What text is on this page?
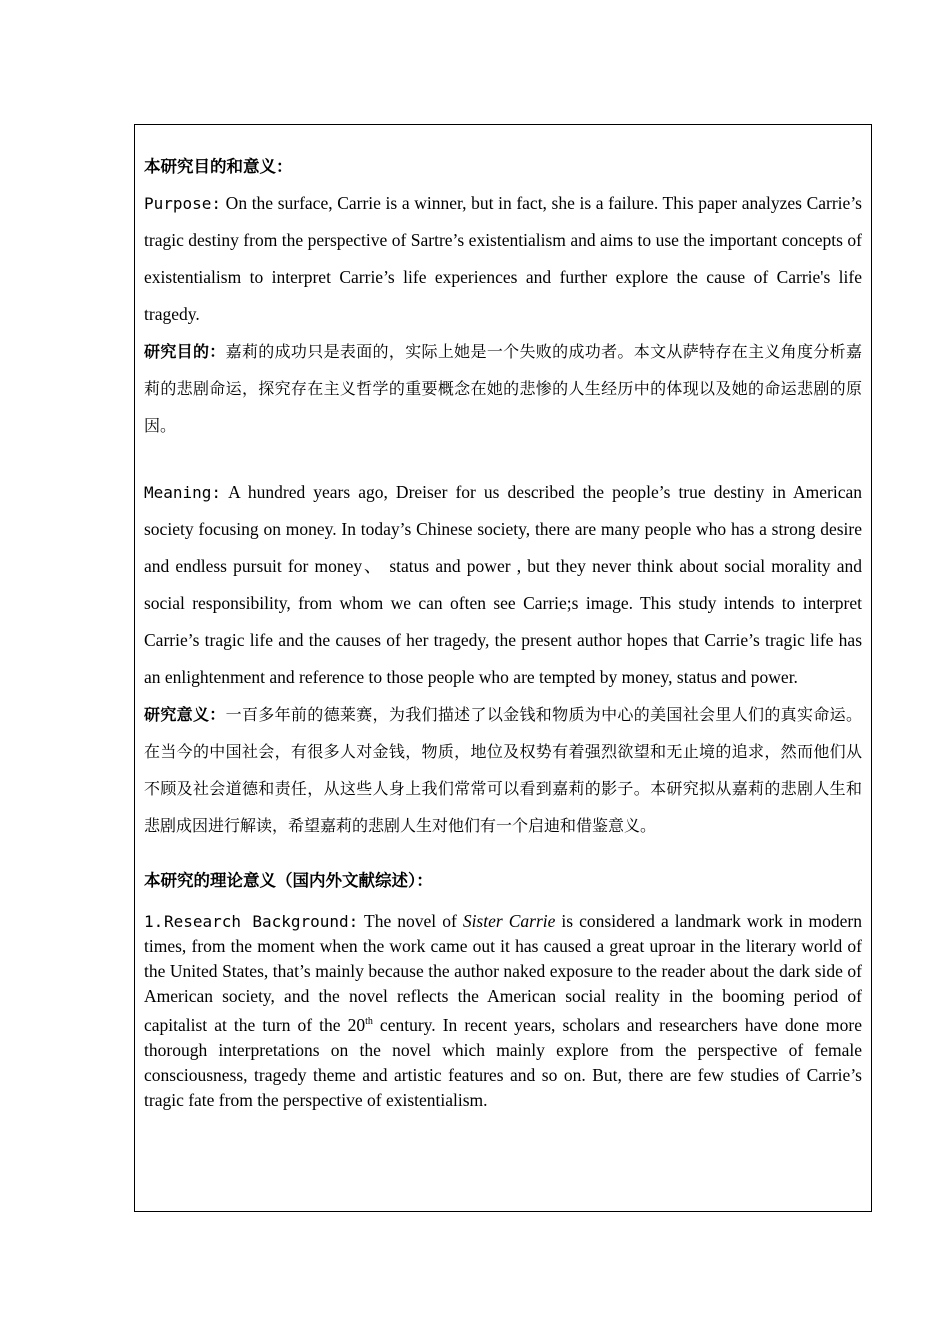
本研究目的和意义：

Purpose: On the surface, Carrie is a winner, but in fact, she is a failure. This paper analyzes Carrie’s tragic destiny from the perspective of Sartre’s existentialism and aims to use the important concepts of existentialism to interpret Carrie’s life experiences and further explore the cause of Carrie's life tragedy.

研究目的：嘉莉的成功只是表面的，实际上她是一个失败的成功者。本文从萨特存在主义角度分析嘉莉的悲剧命运，探究存在主义哲学的重要概念在她的悲惨的人生经历中的体现以及她的命运悲剧的原因。

Meaning: A hundred years ago, Dreiser for us described the people’s true destiny in American society focusing on money. In today’s Chinese society, there are many people who has a strong desire and endless pursuit for money、 status and power , but they never think about social morality and social responsibility, from whom we can often see Carrie;s image. This study intends to interpret Carrie’s tragic life and the causes of her tragedy, the present author hopes that Carrie’s tragic life has an enlightenment and reference to those people who are tempted by money, status and power.

研究意义：一百多年前的德莱赛，为我们描述了以金钱和物质为中心的美国社会里人们的真实命运。在当今的中国社会，有很多人对金钱，物质，地位及权势有着强烈欲望和无止境的追求，然而他们从不顾及社会道德和责任，从这些人身上我们常常可以看到嘉莉的影子。本研究拟从嘉莉的悲剧人生和悲剧成因进行解读，希望嘉莉的悲剧人生对他们有一个启迪和借鉴意义。

本研究的理论意义（国内外文献综述）：

1.Research Background: The novel of Sister Carrie is considered a landmark work in modern times, from the moment when the work came out it has caused a great uproar in the literary world of the United States, that’s mainly because the author naked exposure to the reader about the dark side of American society, and the novel reflects the American social reality in the booming period of capitalist at the turn of the 20th century. In recent years, scholars and researchers have done more thorough interpretations on the novel which mainly explore from the perspective of female consciousness, tragedy theme and artistic features and so on. But, there are few studies of Carrie’s tragic fate from the perspective of existentialism.
